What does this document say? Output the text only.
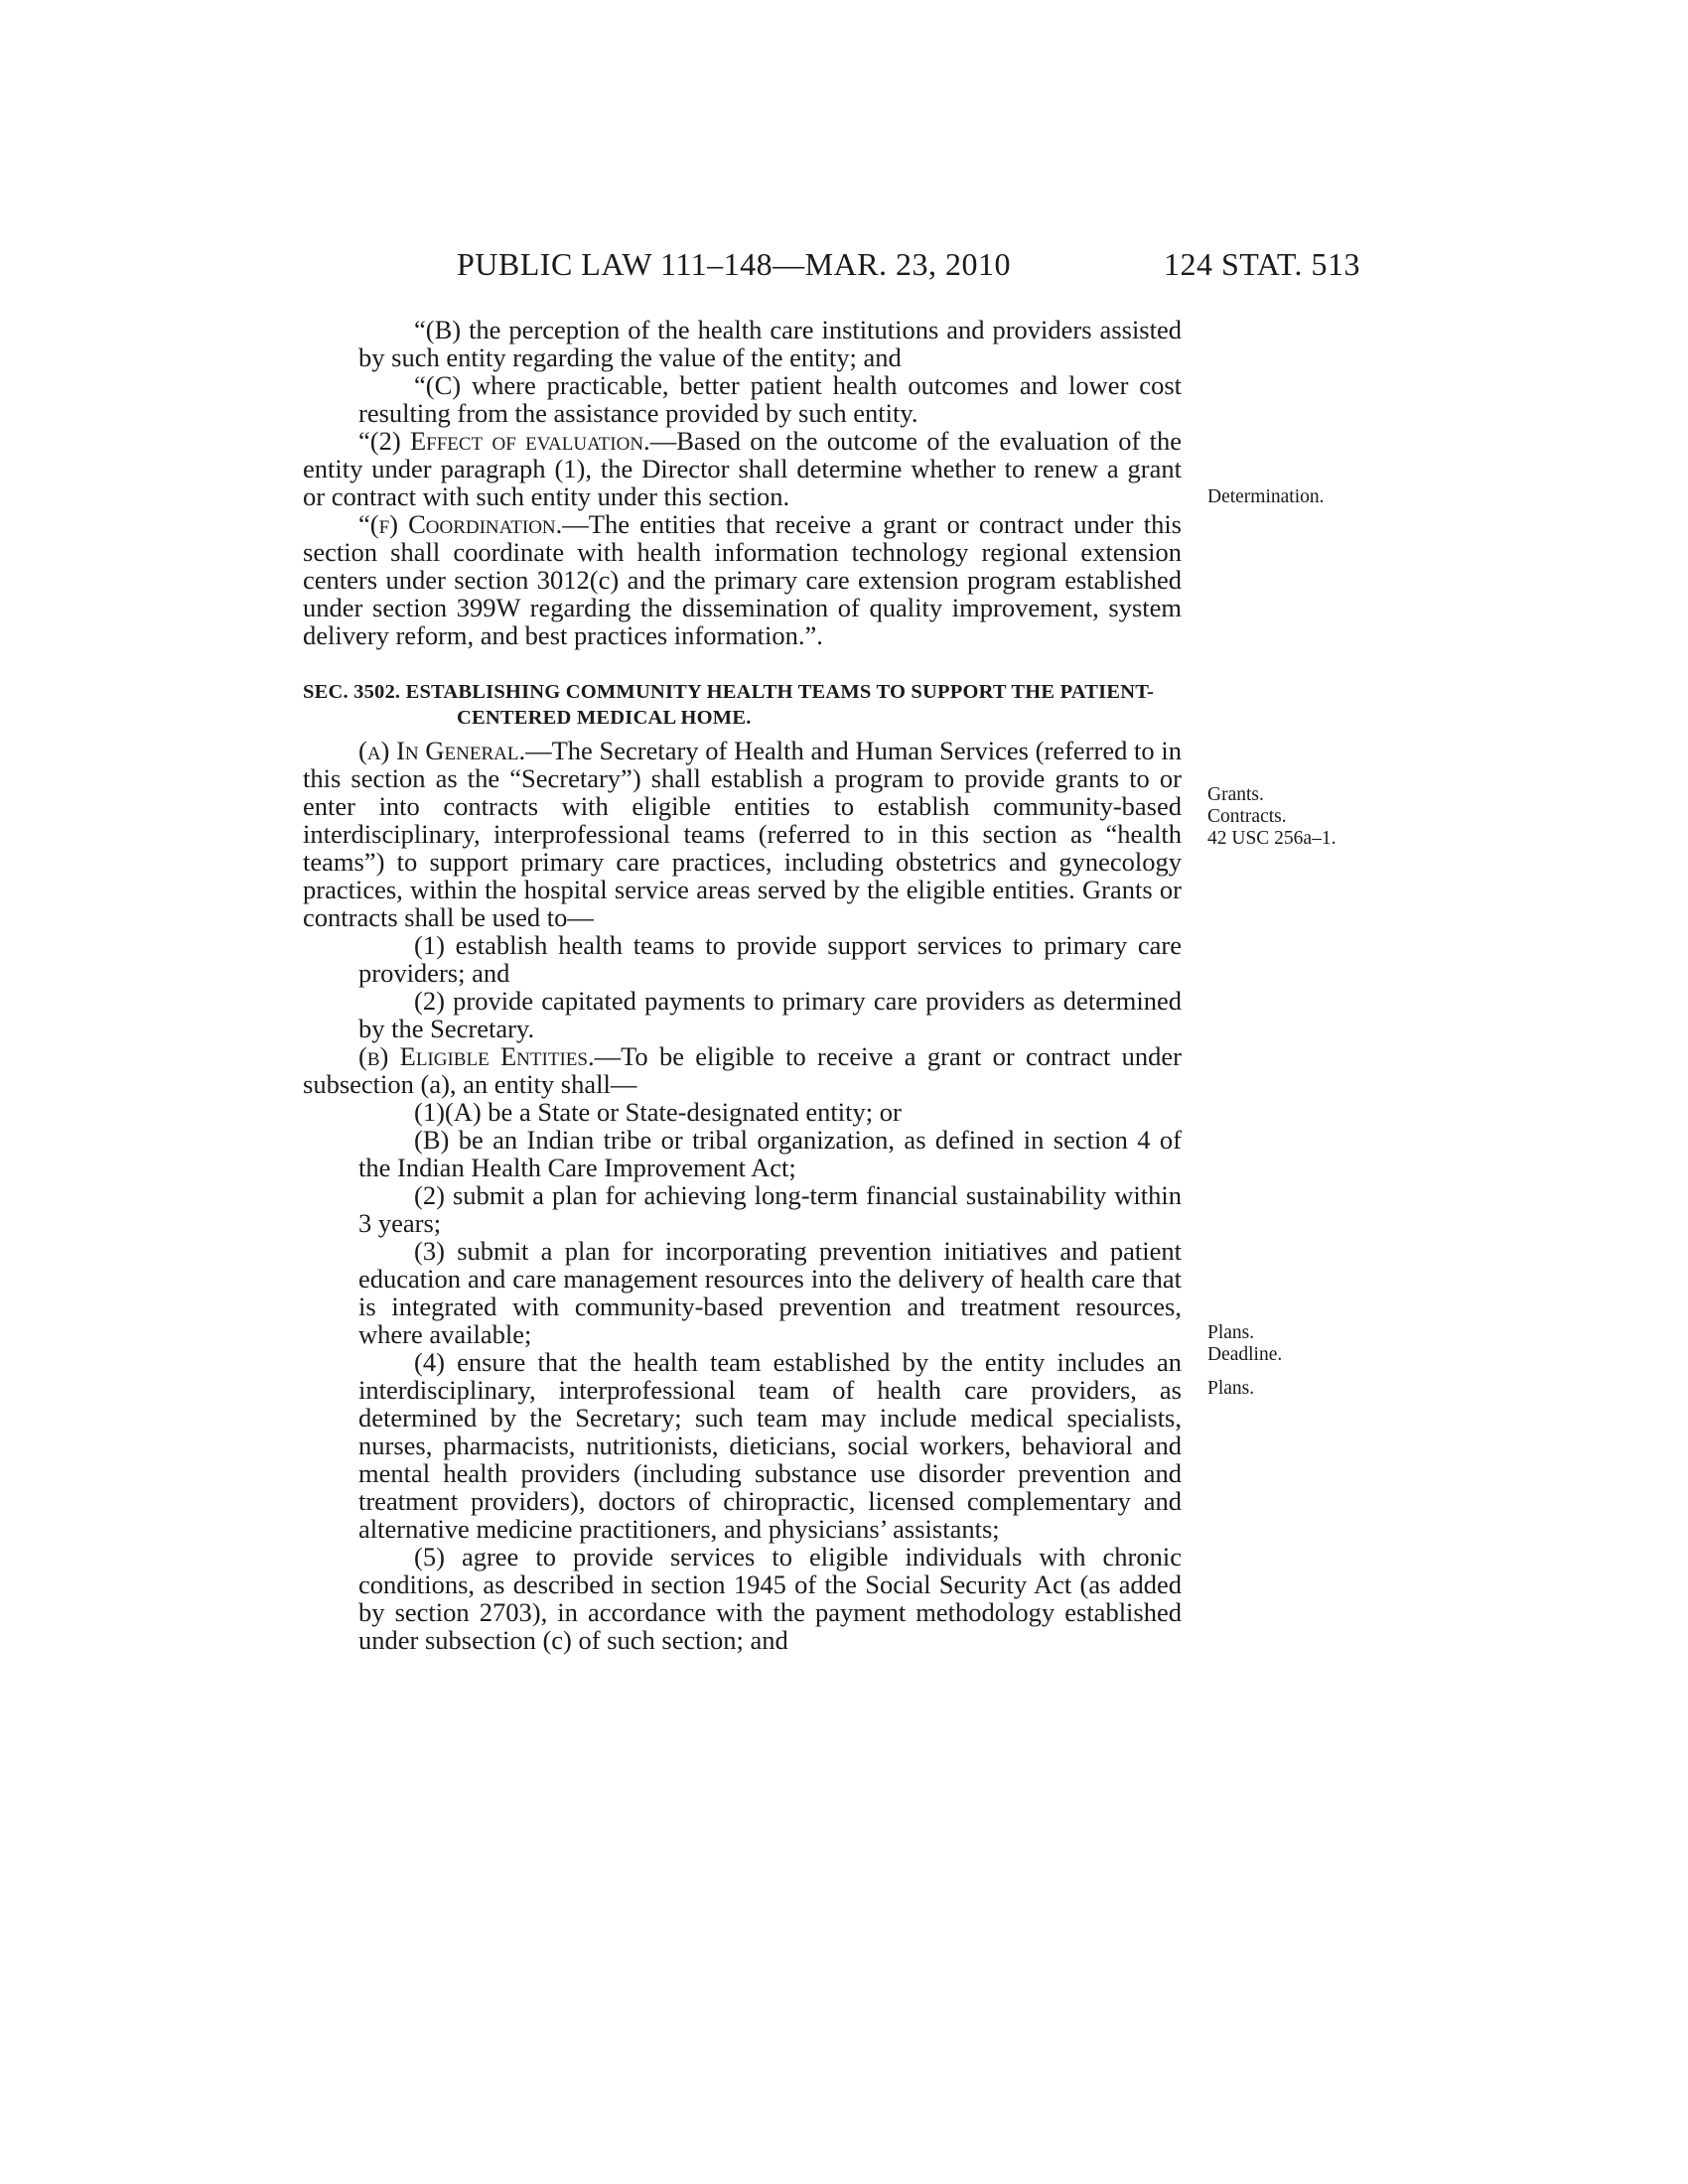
PUBLIC LAW 111–148—MAR. 23, 2010	124 STAT. 513

“(B) the perception of the health care institutions and providers assisted by such entity regarding the value of the entity; and

“(C) where practicable, better patient health outcomes and lower cost resulting from the assistance provided by such entity.

“(2) Effect of evaluation.—Based on the outcome of the evaluation of the entity under paragraph (1), the Director shall determine whether to renew a grant or contract with such entity under this section.

“(f) Coordination.—The entities that receive a grant or contract under this section shall coordinate with health information technology regional extension centers under section 3012(c) and the primary care extension program established under section 399W regarding the dissemination of quality improvement, system delivery reform, and best practices information.”.

SEC. 3502. ESTABLISHING COMMUNITY HEALTH TEAMS TO SUPPORT THE PATIENT-CENTERED MEDICAL HOME.

(a) In General.—The Secretary of Health and Human Services (referred to in this section as the “Secretary”) shall establish a program to provide grants to or enter into contracts with eligible entities to establish community-based interdisciplinary, interprofessional teams (referred to in this section as “health teams”) to support primary care practices, including obstetrics and gynecology practices, within the hospital service areas served by the eligible entities. Grants or contracts shall be used to—

(1) establish health teams to provide support services to primary care providers; and

(2) provide capitated payments to primary care providers as determined by the Secretary.

(b) Eligible Entities.—To be eligible to receive a grant or contract under subsection (a), an entity shall—

(1)(A) be a State or State-designated entity; or

(B) be an Indian tribe or tribal organization, as defined in section 4 of the Indian Health Care Improvement Act;

(2) submit a plan for achieving long-term financial sustainability within 3 years;

(3) submit a plan for incorporating prevention initiatives and patient education and care management resources into the delivery of health care that is integrated with community-based prevention and treatment resources, where available;

(4) ensure that the health team established by the entity includes an interdisciplinary, interprofessional team of health care providers, as determined by the Secretary; such team may include medical specialists, nurses, pharmacists, nutritionists, dieticians, social workers, behavioral and mental health providers (including substance use disorder prevention and treatment providers), doctors of chiropractic, licensed complementary and alternative medicine practitioners, and physicians’ assistants;

(5) agree to provide services to eligible individuals with chronic conditions, as described in section 1945 of the Social Security Act (as added by section 2703), in accordance with the payment methodology established under subsection (c) of such section; and

Determination.
Grants.
Contracts.
42 USC 256a–1.
Plans.
Deadline.
Plans.
